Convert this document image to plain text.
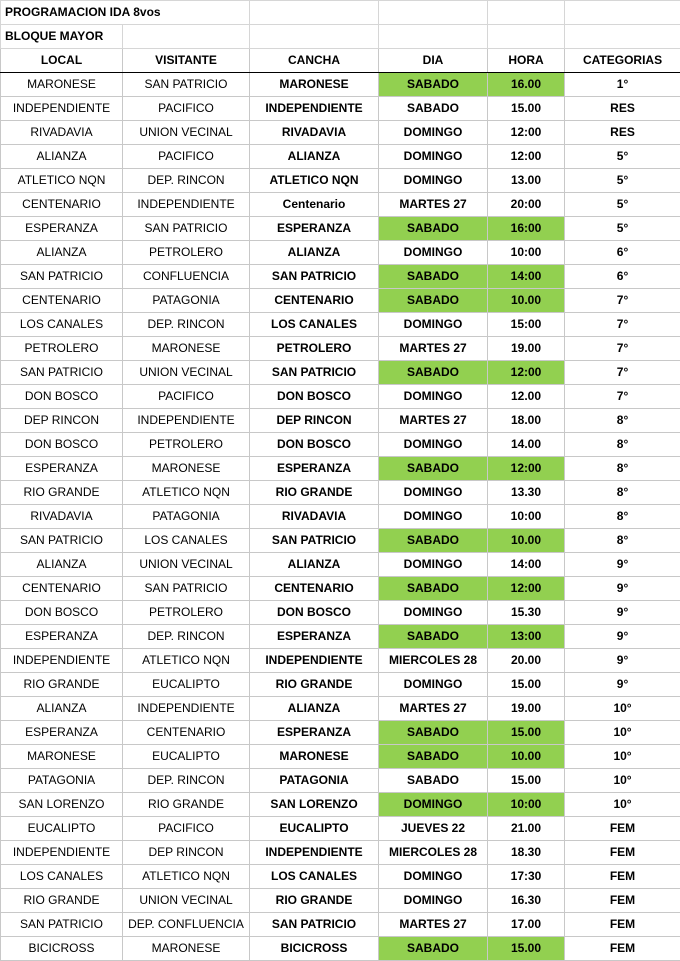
PROGRAMACION IDA 8vos					
BLOQUE MAYOR					
LOCAL	VISITANTE	CANCHA	DIA	HORA	CATEGORIAS
MARONESE	SAN PATRICIO	MARONESE	SABADO	16.00	1°
INDEPENDIENTE	PACIFICO	INDEPENDIENTE	SABADO	15.00	RES
RIVADAVIA	UNION VECINAL	RIVADAVIA	DOMINGO	12:00	RES
ALIANZA	PACIFICO	ALIANZA	DOMINGO	12:00	5°
ATLETICO NQN	DEP. RINCON	ATLETICO NQN	DOMINGO	13.00	5°
CENTENARIO	INDEPENDIENTE	Centenario	MARTES 27	20:00	5°
ESPERANZA	SAN PATRICIO	ESPERANZA	SABADO	16:00	5°
ALIANZA	PETROLERO	ALIANZA	DOMINGO	10:00	6°
SAN PATRICIO	CONFLUENCIA	SAN PATRICIO	SABADO	14:00	6°
CENTENARIO	PATAGONIA	CENTENARIO	SABADO	10.00	7°
LOS CANALES	DEP. RINCON	LOS CANALES	DOMINGO	15:00	7°
PETROLERO	MARONESE	PETROLERO	MARTES 27	19.00	7°
SAN PATRICIO	UNION VECINAL	SAN PATRICIO	SABADO	12:00	7°
DON BOSCO	PACIFICO	DON BOSCO	DOMINGO	12.00	7°
DEP RINCON	INDEPENDIENTE	DEP RINCON	MARTES 27	18.00	8°
DON BOSCO	PETROLERO	DON BOSCO	DOMINGO	14.00	8°
ESPERANZA	MARONESE	ESPERANZA	SABADO	12:00	8°
RIO GRANDE	ATLETICO NQN	RIO GRANDE	DOMINGO	13.30	8°
RIVADAVIA	PATAGONIA	RIVADAVIA	DOMINGO	10:00	8°
SAN PATRICIO	LOS CANALES	SAN PATRICIO	SABADO	10.00	8°
ALIANZA	UNION VECINAL	ALIANZA	DOMINGO	14:00	9°
CENTENARIO	SAN PATRICIO	CENTENARIO	SABADO	12:00	9°
DON BOSCO	PETROLERO	DON BOSCO	DOMINGO	15.30	9°
ESPERANZA	DEP. RINCON	ESPERANZA	SABADO	13:00	9°
INDEPENDIENTE	ATLETICO NQN	INDEPENDIENTE	MIERCOLES 28	20.00	9°
RIO GRANDE	EUCALIPTO	RIO GRANDE	DOMINGO	15.00	9°
ALIANZA	INDEPENDIENTE	ALIANZA	MARTES 27	19.00	10°
ESPERANZA	CENTENARIO	ESPERANZA	SABADO	15.00	10°
MARONESE	EUCALIPTO	MARONESE	SABADO	10.00	10°
PATAGONIA	DEP. RINCON	PATAGONIA	SABADO	15.00	10°
SAN LORENZO	RIO GRANDE	SAN LORENZO	DOMINGO	10:00	10°
EUCALIPTO	PACIFICO	EUCALIPTO	JUEVES 22	21.00	FEM
INDEPENDIENTE	DEP RINCON	INDEPENDIENTE	MIERCOLES 28	18.30	FEM
LOS CANALES	ATLETICO NQN	LOS CANALES	DOMINGO	17:30	FEM
RIO GRANDE	UNION VECINAL	RIO GRANDE	DOMINGO	16.30	FEM
SAN PATRICIO	DEP. CONFLUENCIA	SAN PATRICIO	MARTES 27	17.00	FEM
BICICROSS	MARONESE	BICICROSS	SABADO	15.00	FEM
